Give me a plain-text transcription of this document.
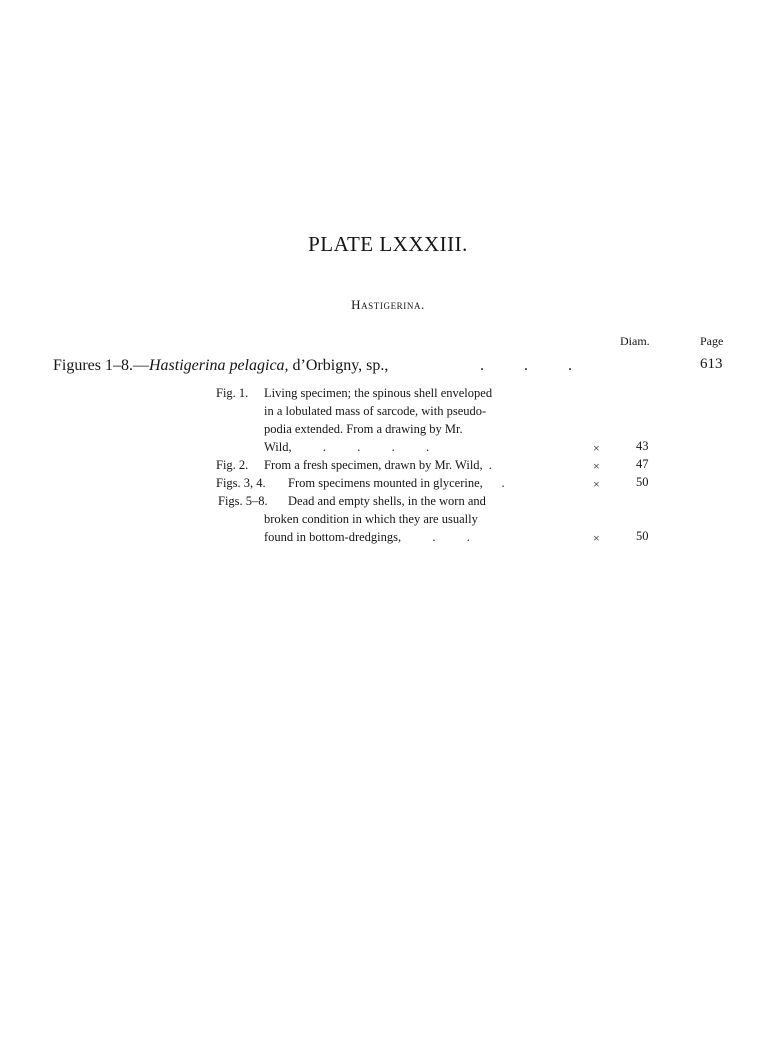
PLATE LXXXIII.
Hastigerina.
Diam.	Page
Figures 1–8.—Hastigerina pelagica, d’Orbigny, sp.,	.          .          .	613
Fig. 1. Living specimen; the spinous shell enveloped
in a lobulated mass of sarcode, with pseudo-
podia extended. From a drawing by Mr.
Wild,          .          .          .          .	×	43
Fig. 2. From a fresh specimen, drawn by Mr. Wild,  .	×	47
Figs. 3, 4. From specimens mounted in glycerine,      .	×	50
Figs. 5–8. Dead and empty shells, in the worn and
broken condition in which they are usually
found in bottom-dredgings,          .          .	×	50
